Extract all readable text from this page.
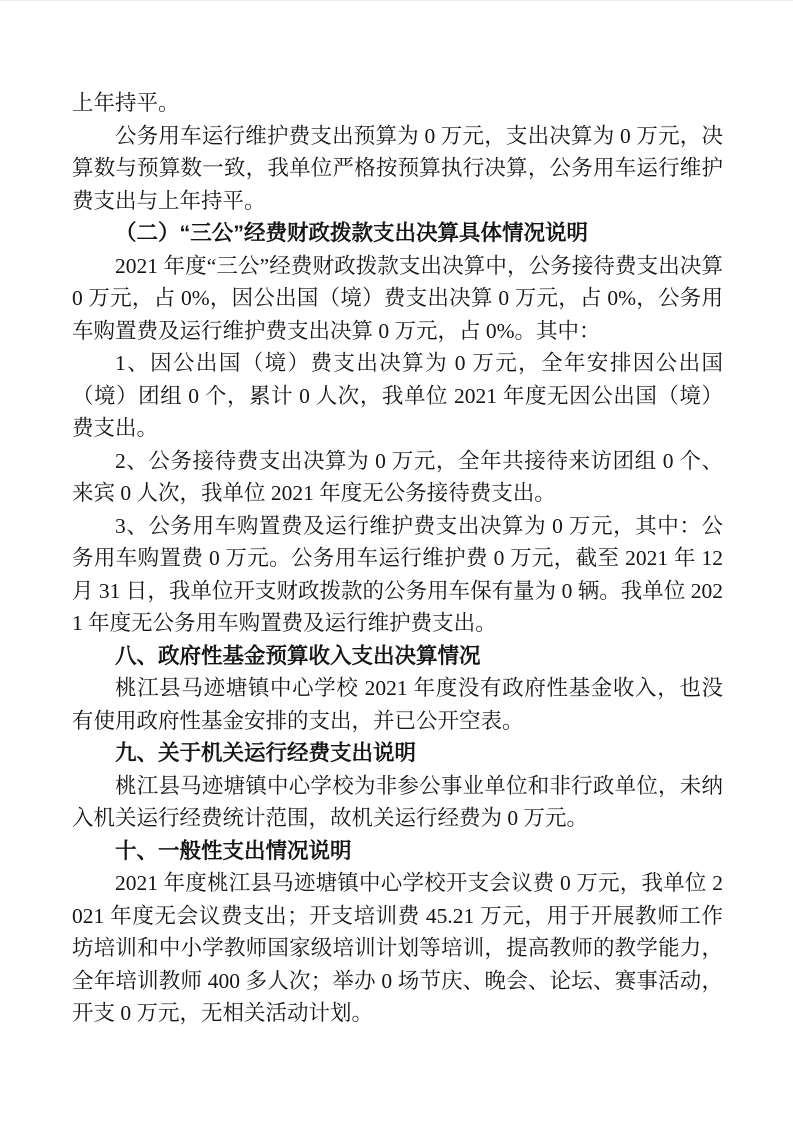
上年持平。

公务用车运行维护费支出预算为 0 万元，支出决算为 0 万元，决算数与预算数一致，我单位严格按预算执行决算，公务用车运行维护费支出与上年持平。

（二）“三公”经费财政拨款支出决算具体情况说明

2021 年度“三公”经费财政拨款支出决算中，公务接待费支出决算 0 万元，占 0%，因公出国（境）费支出决算 0 万元，占 0%，公务用车购置费及运行维护费支出决算 0 万元，占 0%。其中：

1、因公出国（境）费支出决算为 0 万元，全年安排因公出国（境）团组 0 个，累计 0 人次，我单位 2021 年度无因公出国（境）费支出。

2、公务接待费支出决算为 0 万元，全年共接待来访团组 0 个、来宾 0 人次，我单位 2021 年度无公务接待费支出。

3、公务用车购置费及运行维护费支出决算为 0 万元，其中：公务用车购置费 0 万元。公务用车运行维护费 0 万元，截至 2021 年 12 月 31 日，我单位开支财政拨款的公务用车保有量为 0 辆。我单位 2021 年度无公务用车购置费及运行维护费支出。

八、政府性基金预算收入支出决算情况

桃江县马迹塘镇中心学校 2021 年度没有政府性基金收入，也没有使用政府性基金安排的支出，并已公开空表。

九、关于机关运行经费支出说明

桃江县马迹塘镇中心学校为非参公事业单位和非行政单位，未纳入机关运行经费统计范围，故机关运行经费为 0 万元。

十、一般性支出情况说明

2021 年度桃江县马迹塘镇中心学校开支会议费 0 万元，我单位 2021 年度无会议费支出；开支培训费 45.21 万元，用于开展教师工作坊培训和中小学教师国家级培训计划等培训，提高教师的教学能力，全年培训教师 400 多人次；举办 0 场节庆、晚会、论坛、赛事活动，开支 0 万元，无相关活动计划。
